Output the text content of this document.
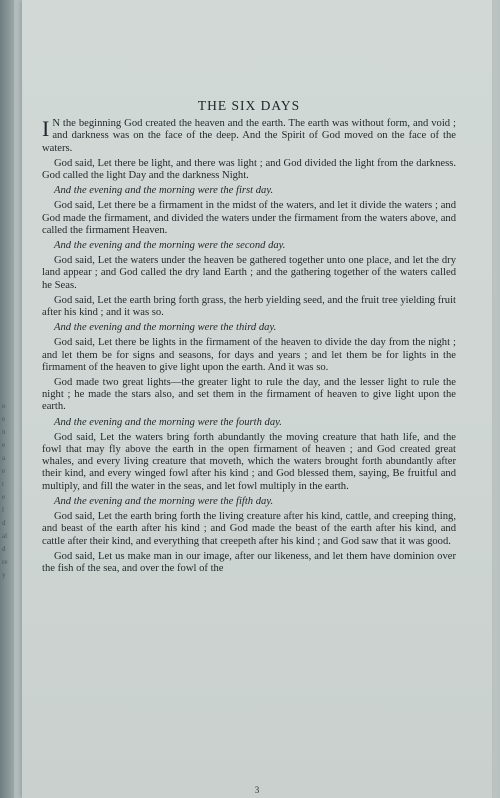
o
e
n
e
a
e
t
e
l
d
al
d
re
y
THE SIX DAYS

I N the beginning God created the heaven and the earth. The earth was without form, and void ; and darkness was on the face of the deep. And the Spirit of God moved on the face of the waters.

God said, Let there be light, and there was light ; and God divided the light from the darkness. God called the light Day and the darkness Night.

And the evening and the morning were the first day.

God said, Let there be a firmament in the midst of the waters, and let it divide the waters ; and God made the firmament, and divided the waters under the firmament from the waters above, and called the firmament Heaven.

And the evening and the morning were the second day.

God said, Let the waters under the heaven be gathered together unto one place, and let the dry land appear ; and God called the dry land Earth ; and the gathering together of the waters called he Seas.

God said, Let the earth bring forth grass, the herb yielding seed, and the fruit tree yielding fruit after his kind ; and it was so.

And the evening and the morning were the third day.

God said, Let there be lights in the firmament of the heaven to divide the day from the night ; and let them be for signs and seasons, for days and years ; and let them be for lights in the firmament of the heaven to give light upon the earth. And it was so.

God made two great lights—the greater light to rule the day, and the lesser light to rule the night ; he made the stars also, and set them in the firmament of heaven to give light upon the earth.

And the evening and the morning were the fourth day.

God said, Let the waters bring forth abundantly the moving creature that hath life, and the fowl that may fly above the earth in the open firmament of heaven ; and God created great whales, and every living creature that moveth, which the waters brought forth abundantly after their kind, and every winged fowl after his kind ; and God blessed them, saying, Be fruitful and multiply, and fill the water in the seas, and let fowl multiply in the earth.

And the evening and the morning were the fifth day.

God said, Let the earth bring forth the living creature after his kind, cattle, and creeping thing, and beast of the earth after his kind ; and God made the beast of the earth after his kind, and cattle after their kind, and everything that creepeth after his kind ; and God saw that it was good.

God said, Let us make man in our image, after our likeness, and let them have dominion over the fish of the sea, and over the fowl of the

3
